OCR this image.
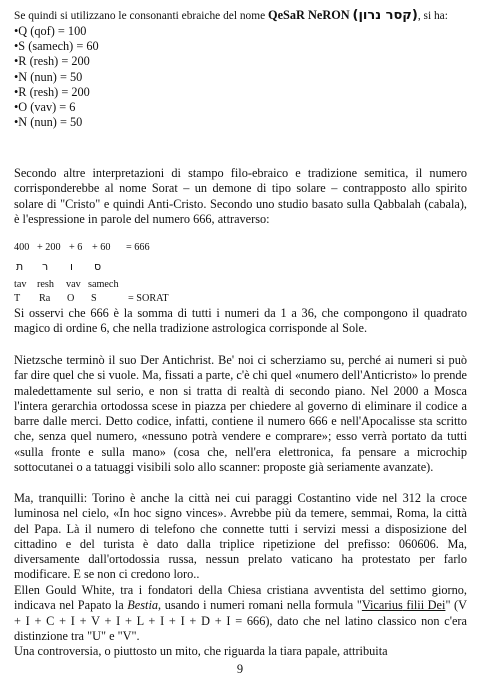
Se quindi si utilizzano le consonanti ebraiche del nome QeSaR NeRON (קסר נרון), si ha:
•Q (qof) = 100
•S (samech) = 60
•R (resh) = 200
•N (nun) = 50
•R (resh) = 200
•O (vav) = 6
•N (nun) = 50
Secondo altre interpretazioni di stampo filo-ebraico e tradizione semitica, il numero corrisponderebbe al nome Sorat – un demone di tipo solare – contrapposto allo spirito solare di "Cristo" e quindi Anti-Cristo. Secondo uno studio basato sulla Qabbalah (cabala), è l'espressione in parole del numero 666, attraverso:
400 + 200 + 6 + 60 = 666
ת ר ו ס
tav resh vav samech
T Ra O S	= SORAT
Si osservi che 666 è la somma di tutti i numeri da 1 a 36, che compongono il quadrato magico di ordine 6, che nella tradizione astrologica corrisponde al Sole.
Nietzsche terminò il suo Der Antichrist. Be' noi ci scherziamo su, perché ai numeri si può far dire quel che si vuole. Ma, fissati a parte, c'è chi quel «numero dell'Anticristo» lo prende maledettamente sul serio, e non si tratta di realtà di secondo piano. Nel 2000 a Mosca l'intera gerarchia ortodossa scese in piazza per chiedere al governo di eliminare il codice a barre dalle merci. Detto codice, infatti, contiene il numero 666 e nell'Apocalisse sta scritto che, senza quel numero, «nessuno potrà vendere e comprare»; esso verrà portato da tutti «sulla fronte e sulla mano» (cosa che, nell'era elettronica, fa pensare a microchip sottocutanei o a tatuaggi visibili solo allo scanner: proposte già seriamente avanzate).
Ma, tranquilli: Torino è anche la città nei cui paraggi Costantino vide nel 312 la croce luminosa nel cielo, «In hoc signo vinces». Avrebbe più da temere, semmai, Roma, la città del Papa. Là il numero di telefono che connette tutti i servizi messi a disposizione del cittadino e del turista è dato dalla triplice ripetizione del prefisso: 060606. Ma, diversamente dall'ortodossia russa, nessun prelato vaticano ha protestato per farlo modificare. E se non ci credono loro..
Ellen Gould White, tra i fondatori della Chiesa cristiana avventista del settimo giorno, indicava nel Papato la Bestia, usando i numeri romani nella formula "Vicarius filii Dei" (V + I + C + I + V + I + L + I + I + D + I = 666), dato che nel latino classico non c'era distinzione tra "U" e "V".
Una controversia, o piuttosto un mito, che riguarda la tiara papale, attribuita
9
